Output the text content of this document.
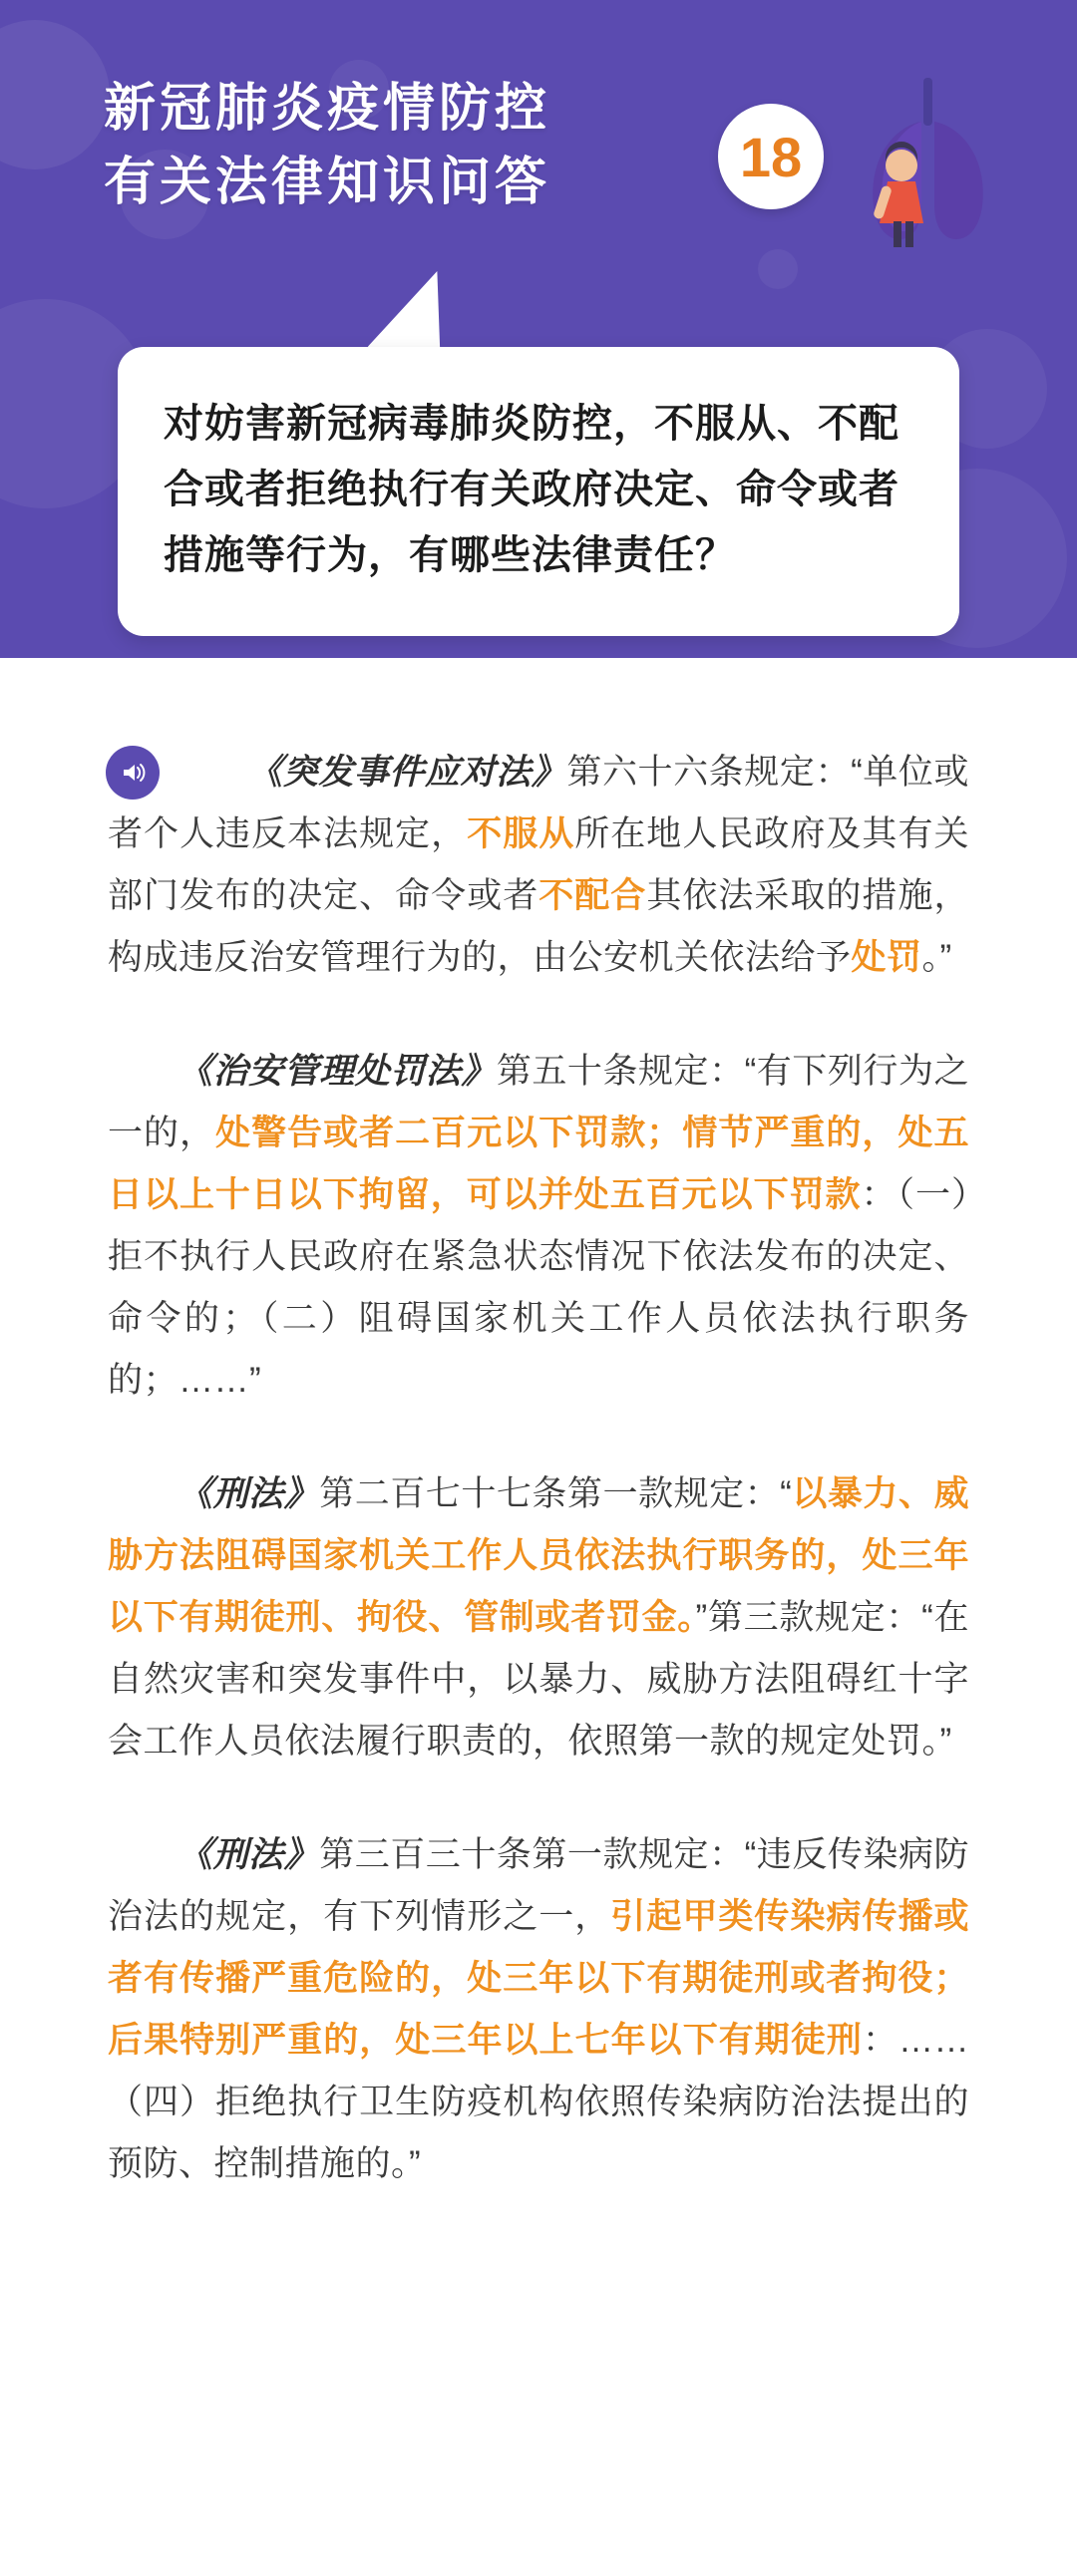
新冠肺炎疫情防控
有关法律知识问答	18
对妨害新冠病毒肺炎防控，不服从、不配合或者拒绝执行有关政府决定、命令或者措施等行为，有哪些法律责任？
《突发事件应对法》第六十六条规定：“单位或者个人违反本法规定，不服从所在地人民政府及其有关部门发布的决定、命令或者不配合其依法采取的措施，构成违反治安管理行为的，由公安机关依法给予处罚。”
《治安管理处罚法》第五十条规定：“有下列行为之一的，处警告或者二百元以下罚款；情节严重的，处五日以上十日以下拘留，可以并处五百元以下罚款：（一）拒不执行人民政府在紧急状态情况下依法发布的决定、命令的；（二）阻碍国家机关工作人员依法执行职务的；……”
《刑法》第二百七十七条第一款规定：“以暴力、威胁方法阻碍国家机关工作人员依法执行职务的，处三年以下有期徒刑、拘役、管制或者罚金。”第三款规定：“在自然灾害和突发事件中，以暴力、威胁方法阻碍红十字会工作人员依法履行职责的，依照第一款的规定处罚。”
《刑法》第三百三十条第一款规定：“违反传染病防治法的规定，有下列情形之一，引起甲类传染病传播或者有传播严重危险的，处三年以下有期徒刑或者拘役；后果特别严重的，处三年以上七年以下有期徒刑：……（四）拒绝执行卫生防疫机构依照传染病防治法提出的预防、控制措施的。”
